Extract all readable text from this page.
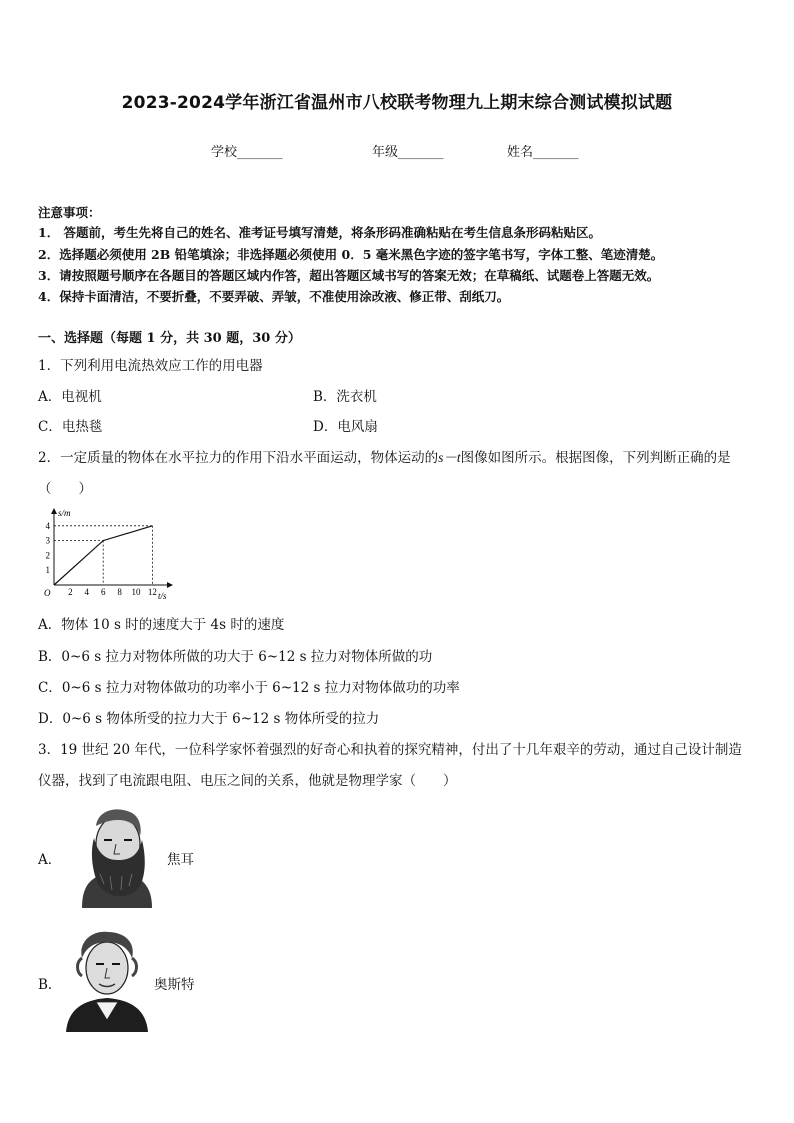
2023-2024学年浙江省温州市八校联考物理九上期末综合测试模拟试题
学校_______	年级_______	姓名_______
注意事项：
1． 答题前，考生先将自己的姓名、准考证号填写清楚，将条形码准确粘贴在考生信息条形码粘贴区。
2．选择题必须使用 2B 铅笔填涂；非选择题必须使用 0．5 毫米黑色字迹的签字笔书写，字体工整、笔迹清楚。
3．请按照题号顺序在各题目的答题区域内作答，超出答题区域书写的答案无效；在草稿纸、试题卷上答题无效。
4．保持卡面清洁，不要折叠，不要弄破、弄皱，不准使用涂改液、修正带、刮纸刀。
一、选择题（每题 1 分，共 30 题，30 分）
1．下列利用电流热效应工作的用电器
A．电视机	B．洗衣机
C．电热毯	D．电风扇
2．一定质量的物体在水平拉力的作用下沿水平面运动，物体运动的s－t图像如图所示。根据图像，下列判断正确的是
（　　）
s/m
t/s
O 2 4 6 8 10 12
1
2
3
4
A．物体 10 s 时的速度大于 4s 时的速度
B．0~6 s 拉力对物体所做的功大于 6~12 s 拉力对物体所做的功
C．0~6 s 拉力对物体做功的功率小于 6~12 s 拉力对物体做功的功率
D．0~6 s 物体所受的拉力大于 6~12 s 物体所受的拉力
3．19 世纪 20 年代，一位科学家怀着强烈的好奇心和执着的探究精神，付出了十几年艰辛的劳动，通过自己设计制造
仪器，找到了电流跟电阻、电压之间的关系，他就是物理学家（　　）
A．	焦耳
B．	奥斯特
